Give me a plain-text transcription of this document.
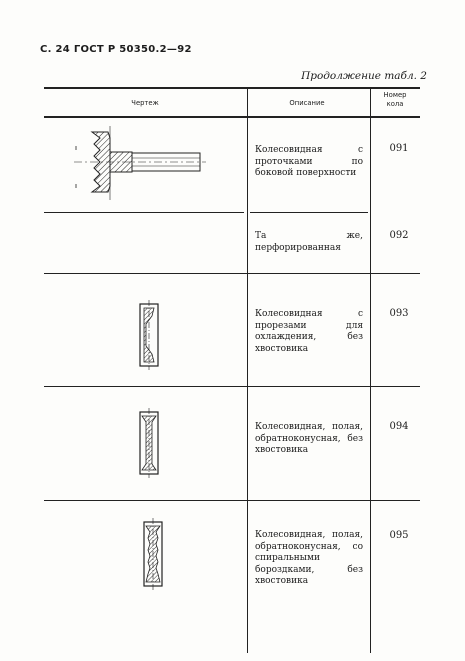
С. 24 ГОСТ Р 50350.2—92
Продолжение табл. 2
Чертеж	Описание
Номер кола
Колесовидная с проточками по боковой поверхности
Та же, перфорированная
Колесовидная с прорезами для охлаждения, без хвостовика
Колесовидная, полая, обратноконусная, без хвостовика
Колесовидная, полая, обратноконусная, со спиральными бороздками, без хвостовика
091
092
093
094
095
